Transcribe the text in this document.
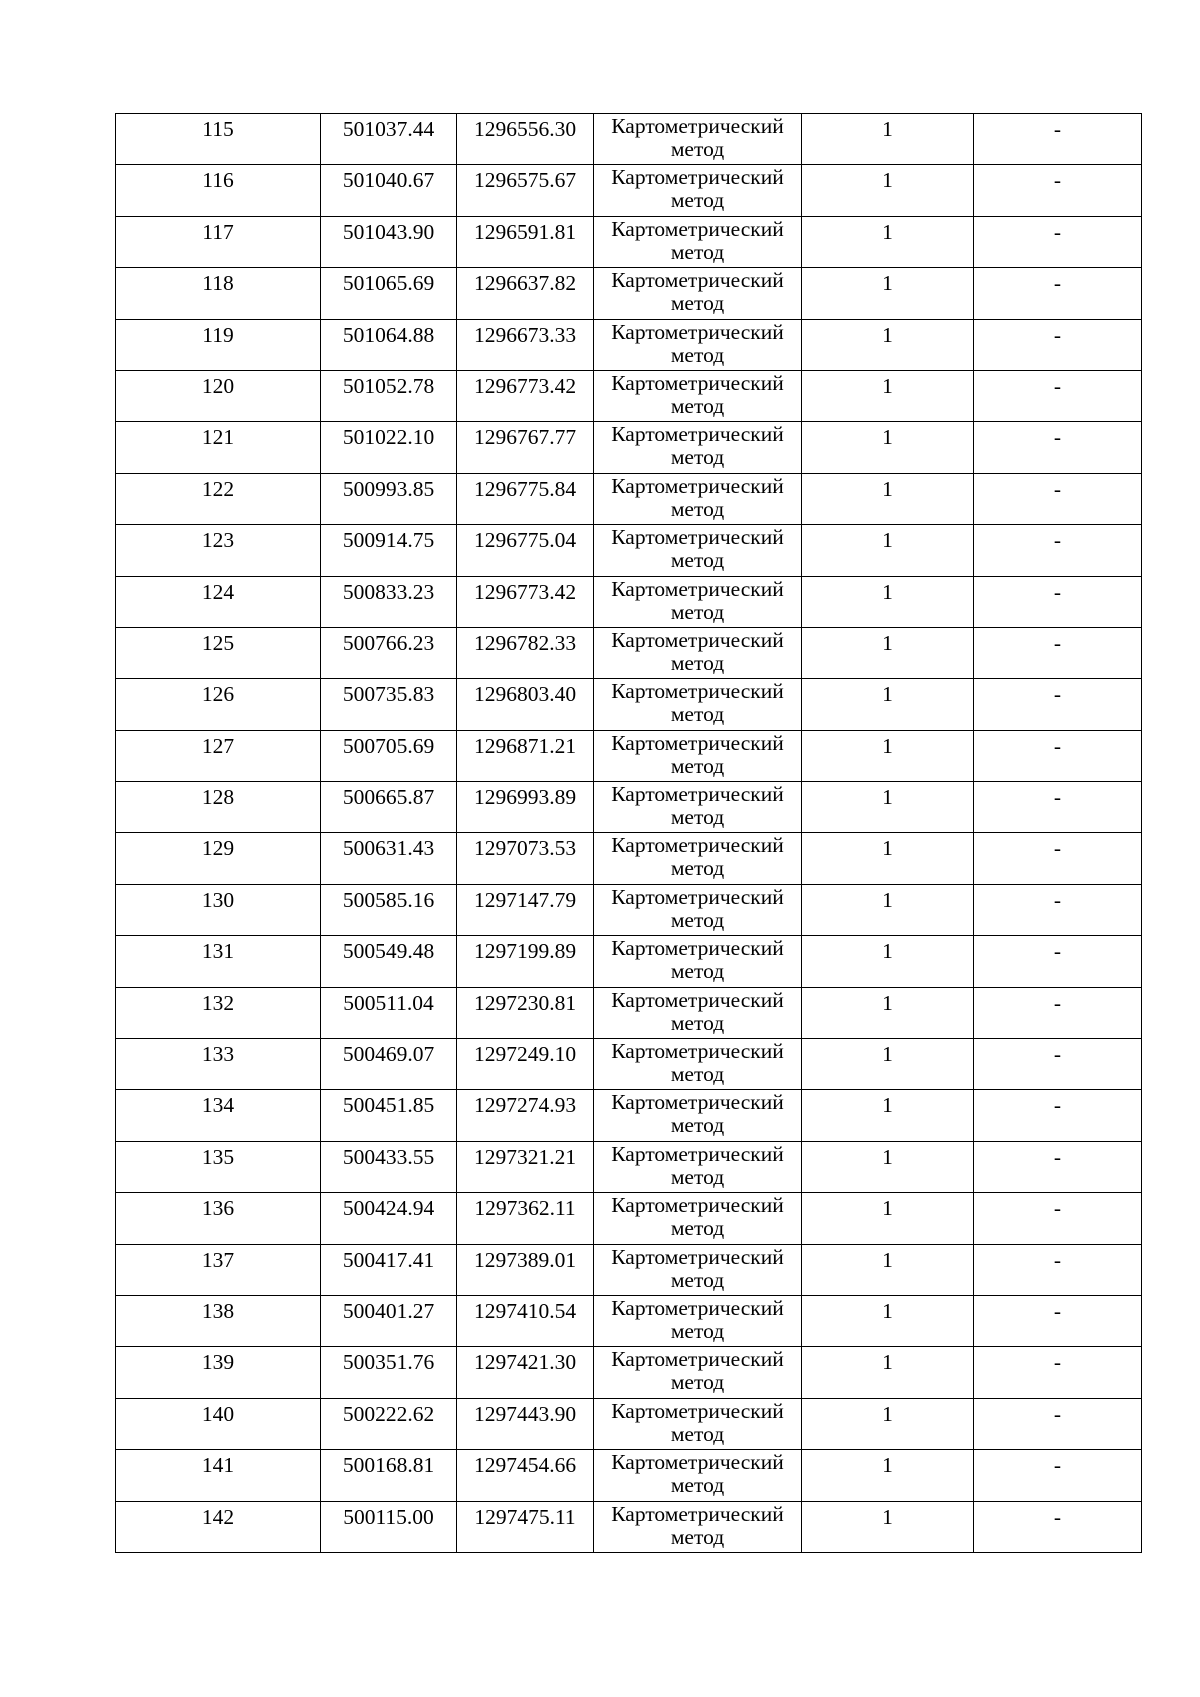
115	501037.44	1296556.30	Картометрический
метод	1	-
116	501040.67	1296575.67	Картометрический
метод	1	-
117	501043.90	1296591.81	Картометрический
метод	1	-
118	501065.69	1296637.82	Картометрический
метод	1	-
119	501064.88	1296673.33	Картометрический
метод	1	-
120	501052.78	1296773.42	Картометрический
метод	1	-
121	501022.10	1296767.77	Картометрический
метод	1	-
122	500993.85	1296775.84	Картометрический
метод	1	-
123	500914.75	1296775.04	Картометрический
метод	1	-
124	500833.23	1296773.42	Картометрический
метод	1	-
125	500766.23	1296782.33	Картометрический
метод	1	-
126	500735.83	1296803.40	Картометрический
метод	1	-
127	500705.69	1296871.21	Картометрический
метод	1	-
128	500665.87	1296993.89	Картометрический
метод	1	-
129	500631.43	1297073.53	Картометрический
метод	1	-
130	500585.16	1297147.79	Картометрический
метод	1	-
131	500549.48	1297199.89	Картометрический
метод	1	-
132	500511.04	1297230.81	Картометрический
метод	1	-
133	500469.07	1297249.10	Картометрический
метод	1	-
134	500451.85	1297274.93	Картометрический
метод	1	-
135	500433.55	1297321.21	Картометрический
метод	1	-
136	500424.94	1297362.11	Картометрический
метод	1	-
137	500417.41	1297389.01	Картометрический
метод	1	-
138	500401.27	1297410.54	Картометрический
метод	1	-
139	500351.76	1297421.30	Картометрический
метод	1	-
140	500222.62	1297443.90	Картометрический
метод	1	-
141	500168.81	1297454.66	Картометрический
метод	1	-
142	500115.00	1297475.11	Картометрический
метод	1	-
